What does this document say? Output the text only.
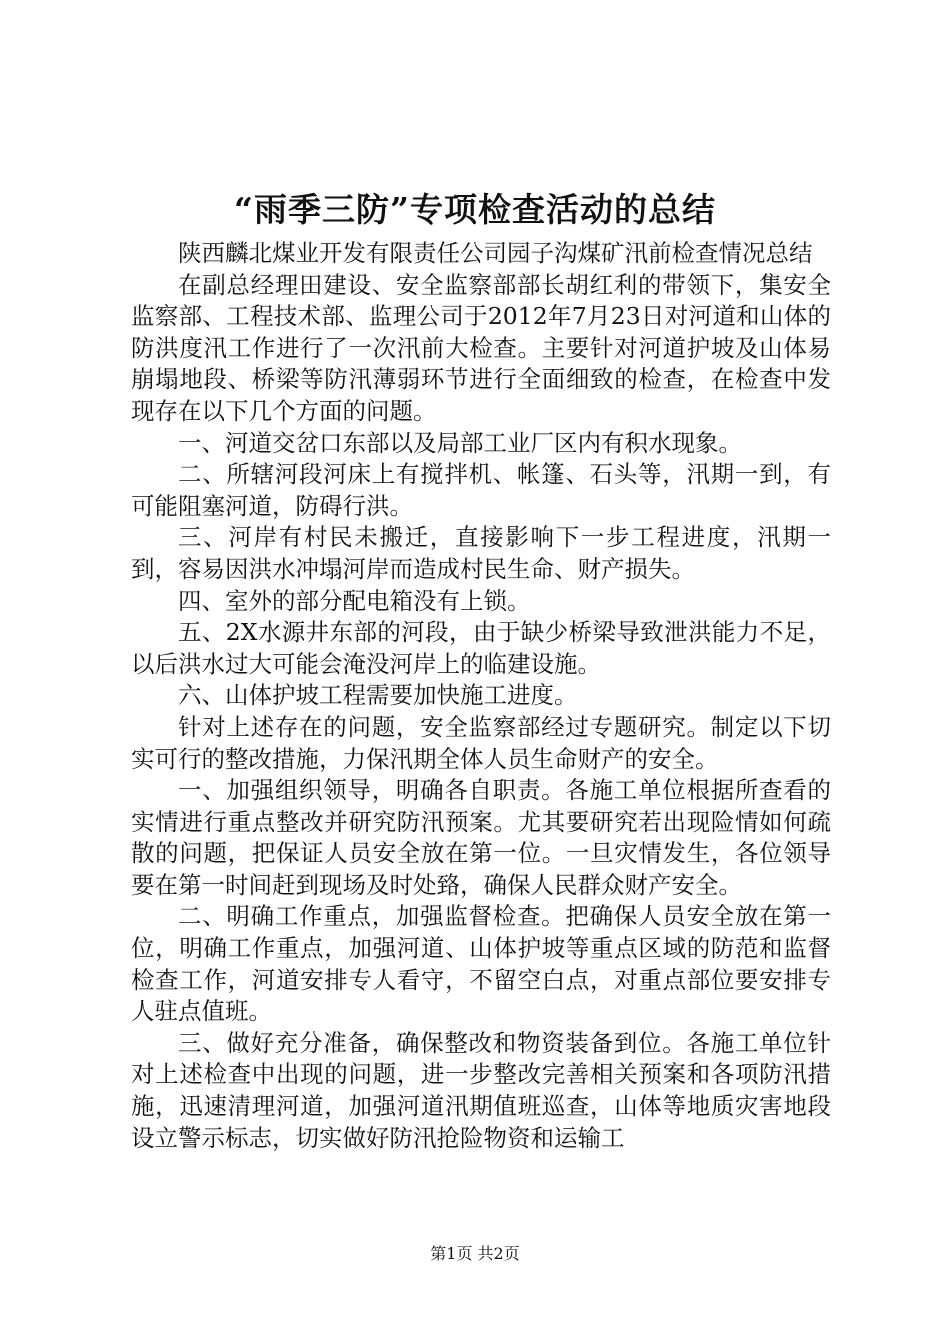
“雨季三防”专项检查活动的总结

陕西麟北煤业开发有限责任公司园子沟煤矿汛前检查情况总结

在副总经理田建设、安全监察部部长胡红利的带领下，集安全监察部、工程技术部、监理公司于2012年7月23日对河道和山体的防洪度汛工作进行了一次汛前大检查。主要针对河道护坡及山体易崩塌地段、桥梁等防汛薄弱环节进行全面细致的检查，在检查中发现存在以下几个方面的问题。

一、河道交岔口东部以及局部工业厂区内有积水现象。

二、所辖河段河床上有搅拌机、帐篷、石头等，汛期一到，有可能阻塞河道，防碍行洪。

三、河岸有村民未搬迁，直接影响下一步工程进度，汛期一到，容易因洪水冲塌河岸而造成村民生命、财产损失。

四、室外的部分配电箱没有上锁。

五、2X水源井东部的河段，由于缺少桥梁导致泄洪能力不足，以后洪水过大可能会淹没河岸上的临建设施。

六、山体护坡工程需要加快施工进度。

针对上述存在的问题，安全监察部经过专题研究。制定以下切实可行的整改措施，力保汛期全体人员生命财产的安全。

一、加强组织领导，明确各自职责。各施工单位根据所查看的实情进行重点整改并研究防汛预案。尤其要研究若出现险情如何疏散的问题，把保证人员安全放在第一位。一旦灾情发生，各位领导要在第一时间赶到现场及时处臵，确保人民群众财产安全。

二、明确工作重点，加强监督检查。把确保人员安全放在第一位，明确工作重点，加强河道、山体护坡等重点区域的防范和监督检查工作，河道安排专人看守，不留空白点，对重点部位要安排专人驻点值班。

三、做好充分准备，确保整改和物资装备到位。各施工单位针对上述检查中出现的问题，进一步整改完善相关预案和各项防汛措施，迅速清理河道，加强河道汛期值班巡查，山体等地质灾害地段设立警示标志，切实做好防汛抢险物资和运输工

第1页 共2页
